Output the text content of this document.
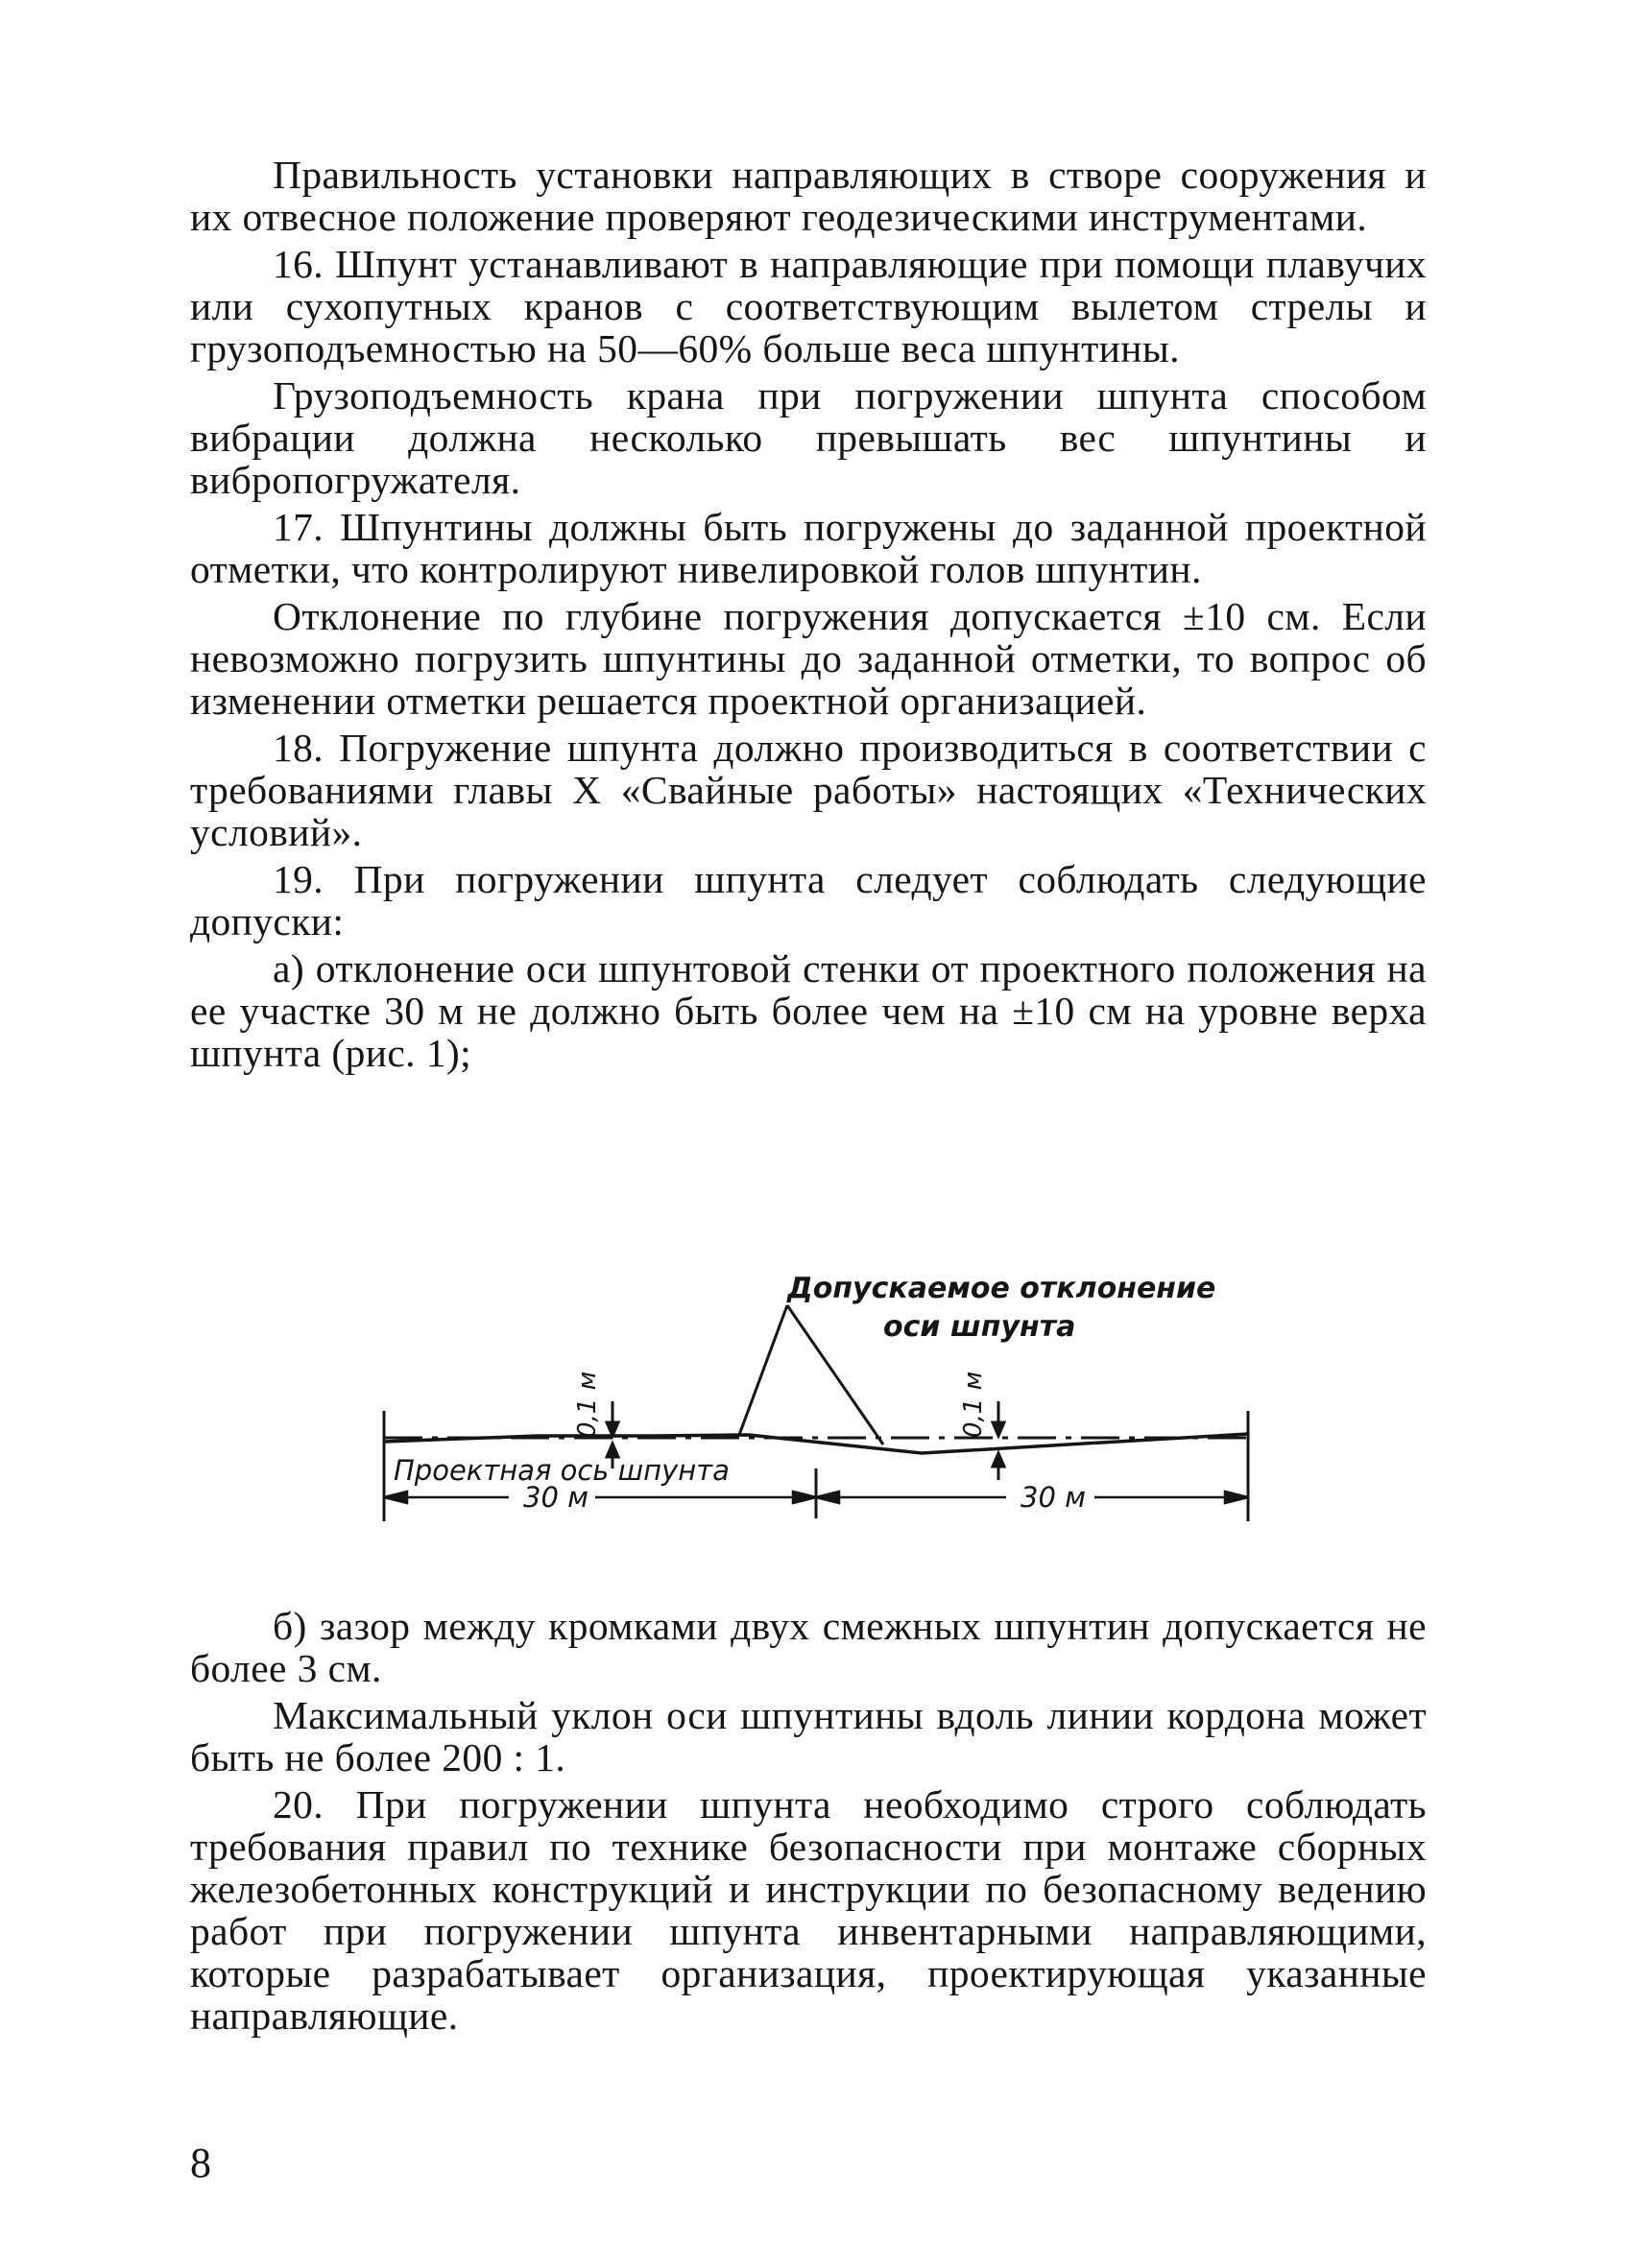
Правильность установки направляющих в створе сооружения и их отвесное положение проверяют геодезическими инструментами.

16. Шпунт устанавливают в направляющие при помощи плавучих или сухопутных кранов с соответствующим вылетом стрелы и грузоподъемностью на 50—60% больше веса шпунтины.

Грузоподъемность крана при погружении шпунта способом вибрации должна несколько превышать вес шпунтины и вибропогружателя.

17. Шпунтины должны быть погружены до заданной проектной отметки, что контролируют нивелировкой голов шпунтин.

Отклонение по глубине погружения допускается ±10 см. Если невозможно погрузить шпунтины до заданной отметки, то вопрос об изменении отметки решается проектной организацией.

18. Погружение шпунта должно производиться в соответствии с требованиями главы X «Свайные работы» настоящих «Технических условий».

19. При погружении шпунта следует соблюдать следующие допуски:

а) отклонение оси шпунтовой стенки от проектного положения на ее участке 30 м не должно быть более чем на ±10 см на уровне верха шпунта (рис. 1);

Допускаемое отклонение
оси шпунта
Проектная ось шпунта
30 м	30 м
0,1 м	0,1 м

б) зазор между кромками двух смежных шпунтин допускается не более 3 см.

Максимальный уклон оси шпунтины вдоль линии кордона может быть не более 200 : 1.

20. При погружении шпунта необходимо строго соблюдать требования правил по технике безопасности при монтаже сборных железобетонных конструкций и инструкции по безопасному ведению работ при погружении шпунта инвентарными направляющими, которые разрабатывает организация, проектирующая указанные направляющие.

8
